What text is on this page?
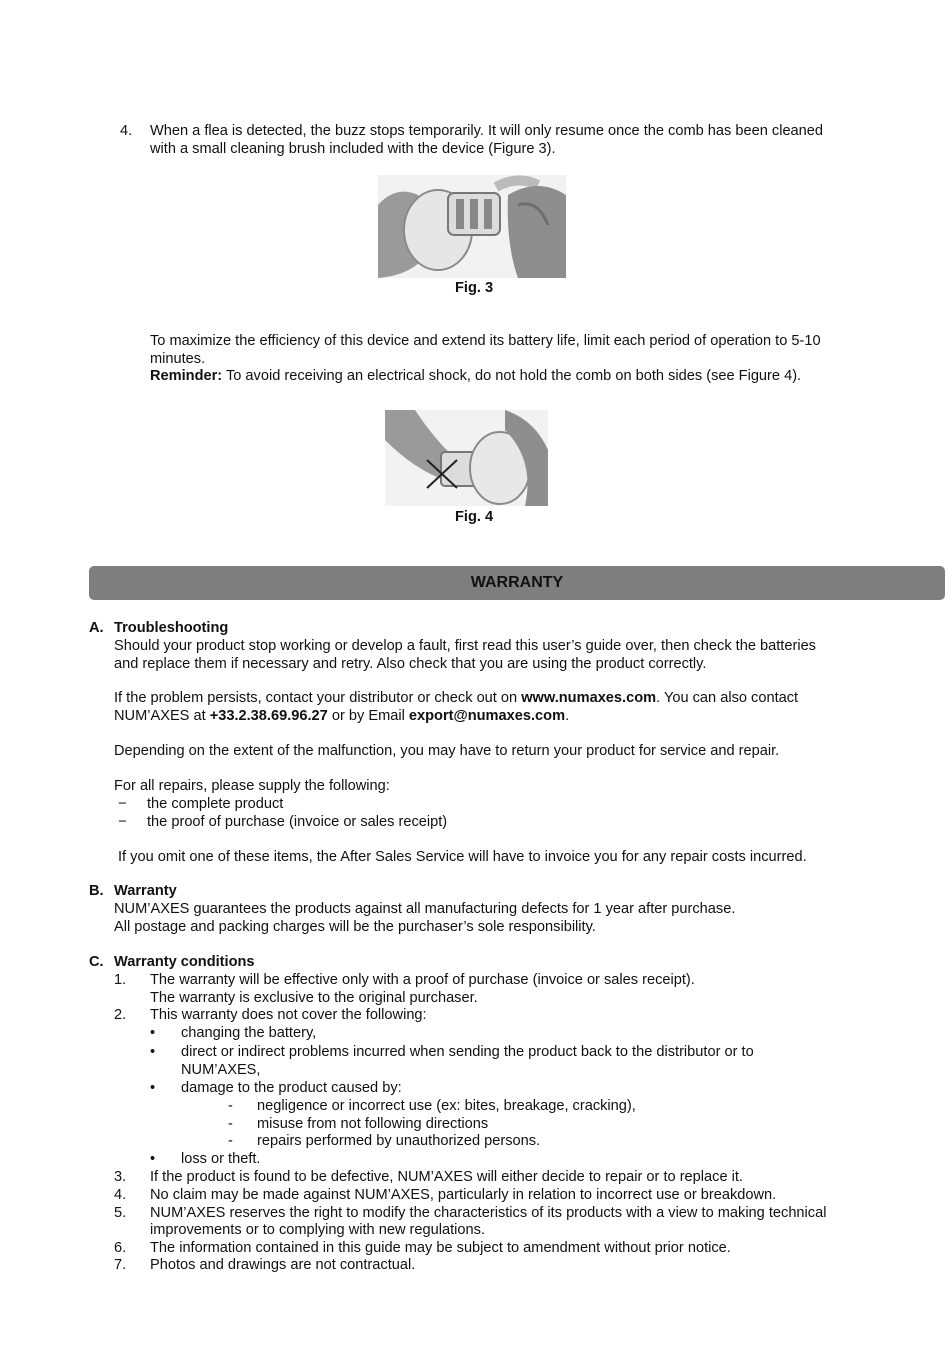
4. When a flea is detected, the buzz stops temporarily. It will only resume once the comb has been cleaned
with a small cleaning brush included with the device (Figure 3).
Fig. 3
To maximize the efficiency of this device and extend its battery life, limit each period of operation to 5-10
minutes.
Reminder: To avoid receiving an electrical shock, do not hold the comb on both sides (see Figure 4).
Fig. 4
WARRANTY
A. Troubleshooting
Should your product stop working or develop a fault, first read this user’s guide over, then check the batteries
and replace them if necessary and retry. Also check that you are using the product correctly.
If the problem persists, contact your distributor or check out on www.numaxes.com. You can also contact
NUM’AXES at +33.2.38.69.96.27 or by Email export@numaxes.com.
Depending on the extent of the malfunction, you may have to return your product for service and repair.
For all repairs, please supply the following:
− the complete product
− the proof of purchase (invoice or sales receipt)
If you omit one of these items, the After Sales Service will have to invoice you for any repair costs incurred.
B. Warranty
NUM’AXES guarantees the products against all manufacturing defects for 1 year after purchase.
All postage and packing charges will be the purchaser’s sole responsibility.
C. Warranty conditions
1. The warranty will be effective only with a proof of purchase (invoice or sales receipt).
The warranty is exclusive to the original purchaser.
2. This warranty does not cover the following:
• changing the battery,
• direct or indirect problems incurred when sending the product back to the distributor or to
NUM’AXES,
• damage to the product caused by:
- negligence or incorrect use (ex: bites, breakage, cracking),
- misuse from not following directions
- repairs performed by unauthorized persons.
• loss or theft.
3. If the product is found to be defective, NUM’AXES will either decide to repair or to replace it.
4. No claim may be made against NUM’AXES, particularly in relation to incorrect use or breakdown.
5. NUM’AXES reserves the right to modify the characteristics of its products with a view to making technical
improvements or to complying with new regulations.
6. The information contained in this guide may be subject to amendment without prior notice.
7. Photos and drawings are not contractual.
